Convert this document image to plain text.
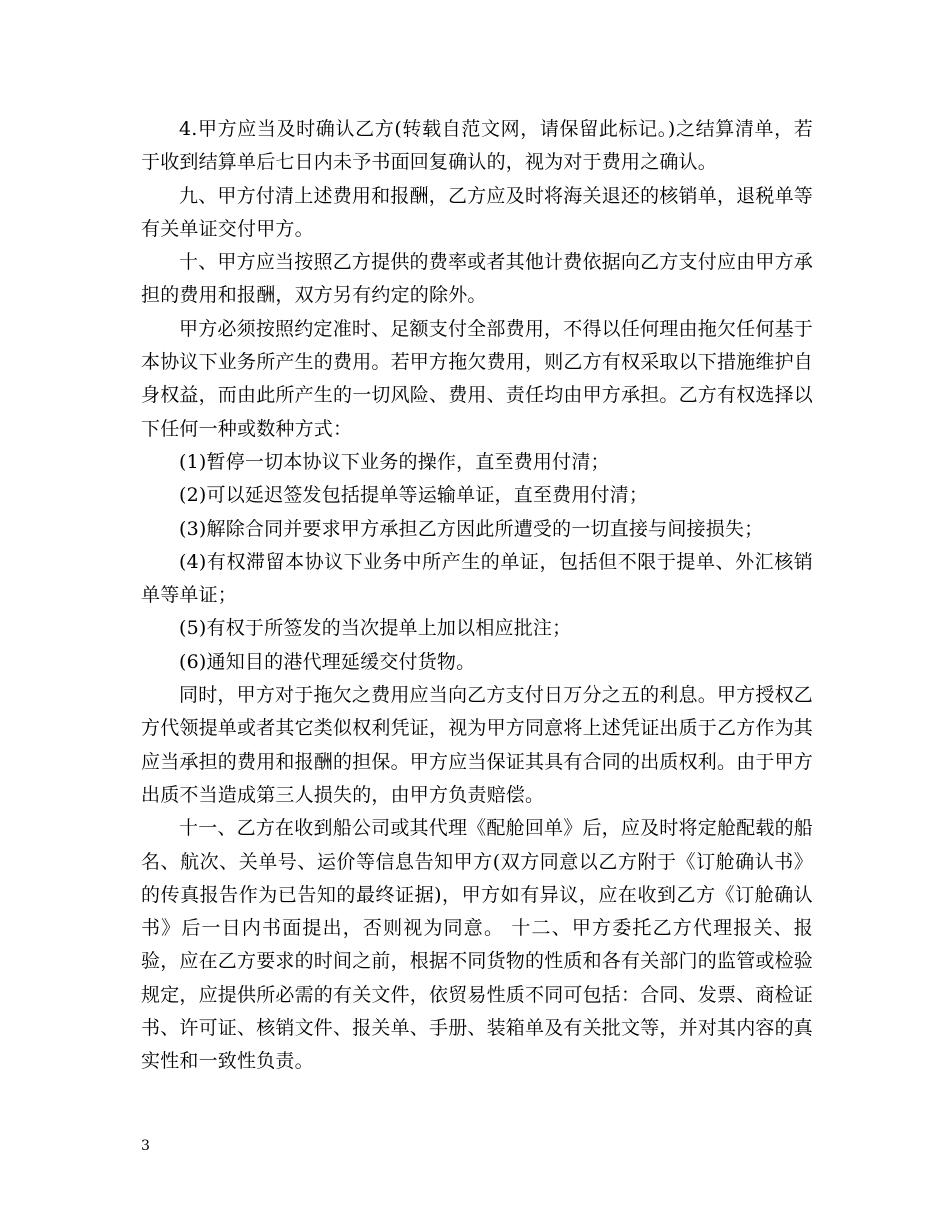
4.甲方应当及时确认乙方(转载自范文网，请保留此标记。)之结算清单，若于收到结算单后七日内未予书面回复确认的，视为对于费用之确认。

九、甲方付清上述费用和报酬，乙方应及时将海关退还的核销单，退税单等有关单证交付甲方。

十、甲方应当按照乙方提供的费率或者其他计费依据向乙方支付应由甲方承担的费用和报酬，双方另有约定的除外。

甲方必须按照约定准时、足额支付全部费用，不得以任何理由拖欠任何基于本协议下业务所产生的费用。若甲方拖欠费用，则乙方有权采取以下措施维护自身权益，而由此所产生的一切风险、费用、责任均由甲方承担。乙方有权选择以下任何一种或数种方式：

(1)暂停一切本协议下业务的操作，直至费用付清；

(2)可以延迟签发包括提单等运输单证，直至费用付清；

(3)解除合同并要求甲方承担乙方因此所遭受的一切直接与间接损失；

(4)有权滞留本协议下业务中所产生的单证，包括但不限于提单、外汇核销单等单证；

(5)有权于所签发的当次提单上加以相应批注；

(6)通知目的港代理延缓交付货物。

同时，甲方对于拖欠之费用应当向乙方支付日万分之五的利息。甲方授权乙方代领提单或者其它类似权利凭证，视为甲方同意将上述凭证出质于乙方作为其应当承担的费用和报酬的担保。甲方应当保证其具有合同的出质权利。由于甲方出质不当造成第三人损失的，由甲方负责赔偿。

十一、乙方在收到船公司或其代理《配舱回单》后，应及时将定舱配载的船名、航次、关单号、运价等信息告知甲方(双方同意以乙方附于《订舱确认书》的传真报告作为已告知的最终证据)，甲方如有异议，应在收到乙方《订舱确认书》后一日内书面提出，否则视为同意。 十二、甲方委托乙方代理报关、报验，应在乙方要求的时间之前，根据不同货物的性质和各有关部门的监管或检验规定，应提供所必需的有关文件，依贸易性质不同可包括：合同、发票、商检证书、许可证、核销文件、报关单、手册、装箱单及有关批文等，并对其内容的真实性和一致性负责。

3
